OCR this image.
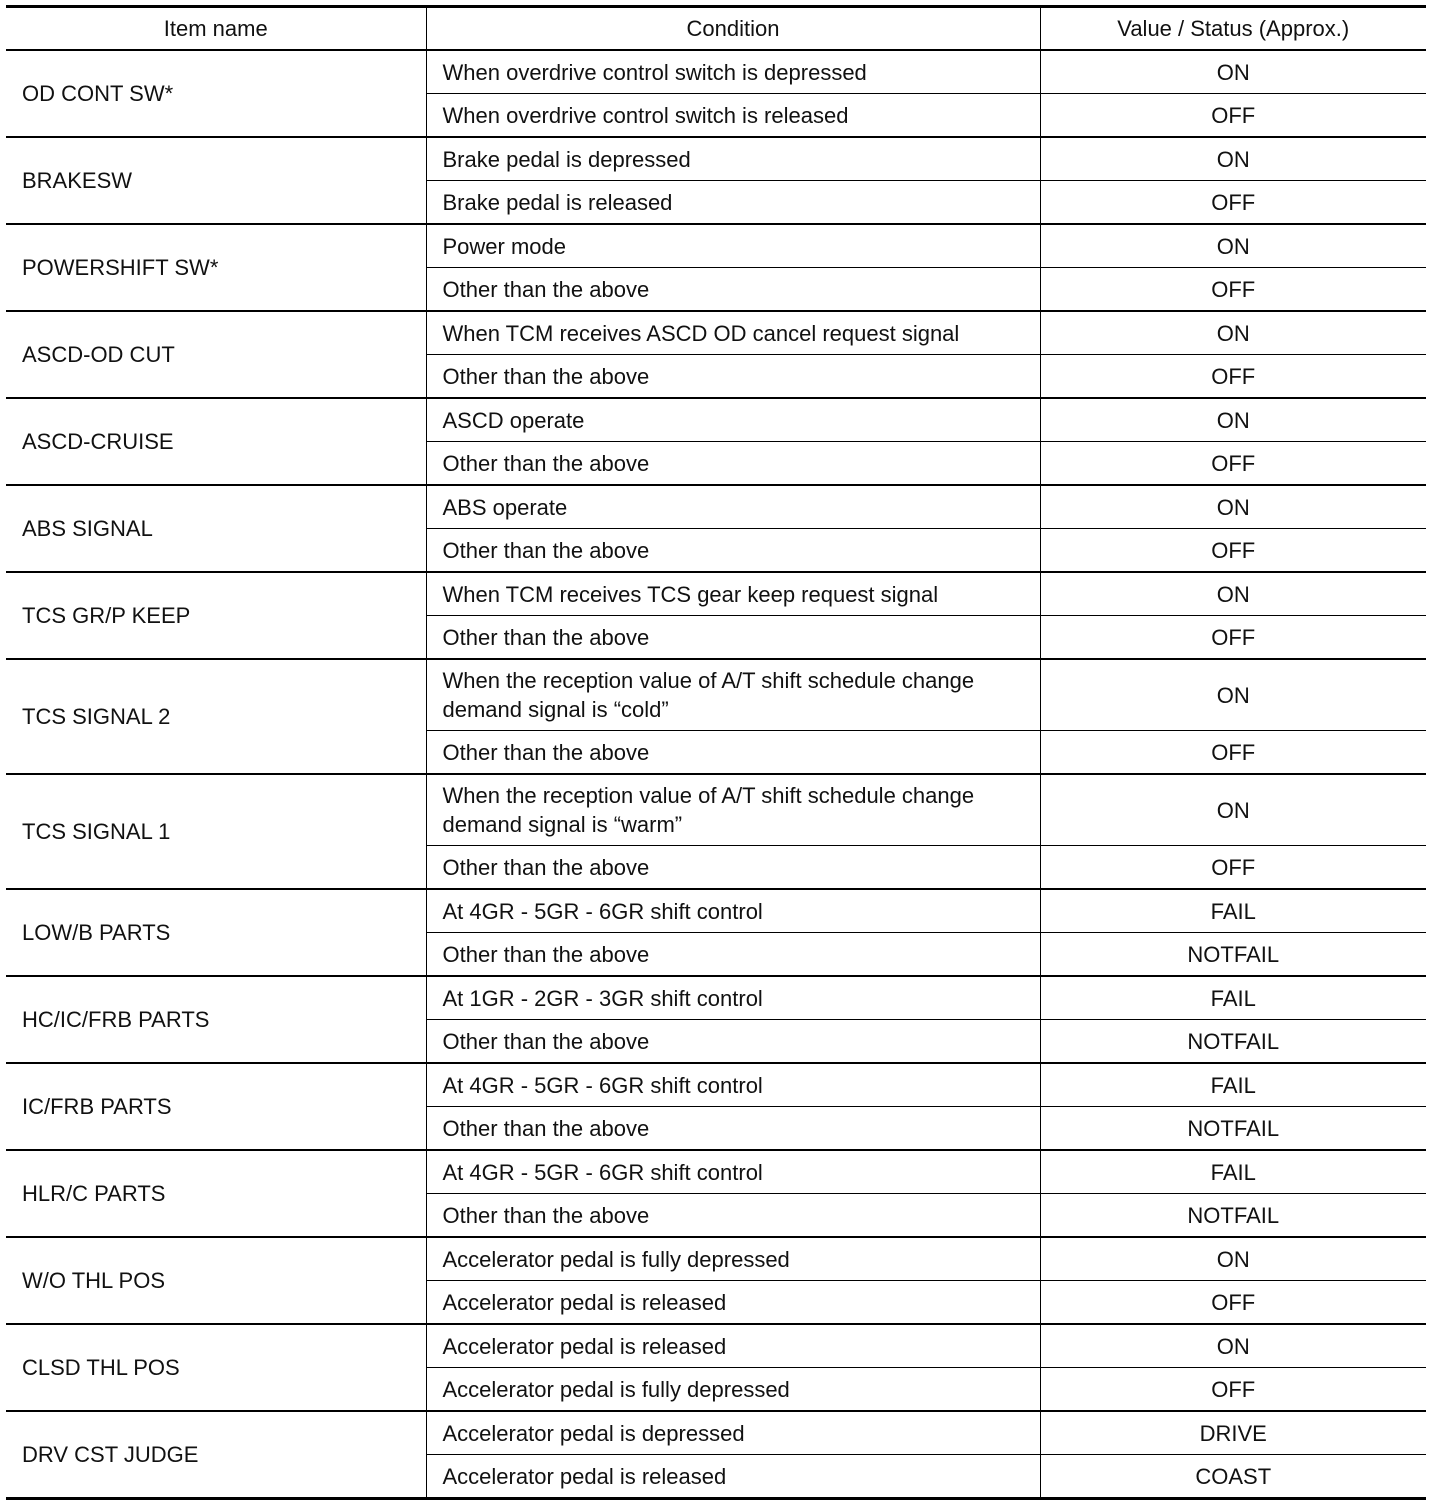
Item name	Condition	Value / Status (Approx.)
OD CONT SW*	When overdrive control switch is depressed	ON
	When overdrive control switch is released	OFF
BRAKESW	Brake pedal is depressed	ON
	Brake pedal is released	OFF
POWERSHIFT SW*	Power mode	ON
	Other than the above	OFF
ASCD-OD CUT	When TCM receives ASCD OD cancel request signal	ON
	Other than the above	OFF
ASCD-CRUISE	ASCD operate	ON
	Other than the above	OFF
ABS SIGNAL	ABS operate	ON
	Other than the above	OFF
TCS GR/P KEEP	When TCM receives TCS gear keep request signal	ON
	Other than the above	OFF
TCS SIGNAL 2	When the reception value of A/T shift schedule change demand signal is “cold”	ON
	Other than the above	OFF
TCS SIGNAL 1	When the reception value of A/T shift schedule change demand signal is “warm”	ON
	Other than the above	OFF
LOW/B PARTS	At 4GR - 5GR - 6GR shift control	FAIL
	Other than the above	NOTFAIL
HC/IC/FRB PARTS	At 1GR - 2GR - 3GR shift control	FAIL
	Other than the above	NOTFAIL
IC/FRB PARTS	At 4GR - 5GR - 6GR shift control	FAIL
	Other than the above	NOTFAIL
HLR/C PARTS	At 4GR - 5GR - 6GR shift control	FAIL
	Other than the above	NOTFAIL
W/O THL POS	Accelerator pedal is fully depressed	ON
	Accelerator pedal is released	OFF
CLSD THL POS	Accelerator pedal is released	ON
	Accelerator pedal is fully depressed	OFF
DRV CST JUDGE	Accelerator pedal is depressed	DRIVE
	Accelerator pedal is released	COAST
